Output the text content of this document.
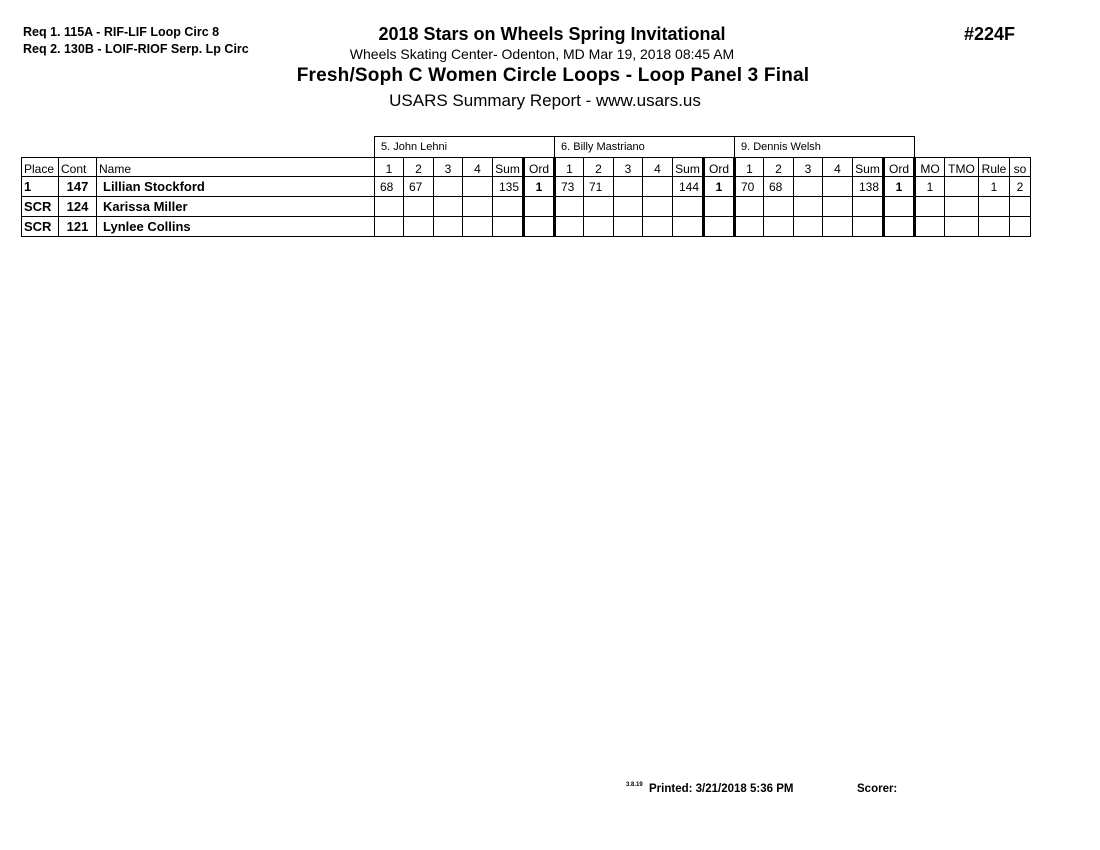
Req 1. 115A - RIF-LIF Loop Circ 8
Req 2. 130B - LOIF-RIOF Serp. Lp Circ
2018 Stars on Wheels Spring Invitational	#224F
Wheels Skating Center- Odenton, MD Mar 19, 2018 08:45 AM
Fresh/Soph C Women Circle Loops - Loop Panel 3 Final
USARS Summary Report - www.usars.us
			5. John Lehni						6. Billy Mastriano						9. Dennis Welsh									
Place	Cont	Name	1	2	3	4	Sum	Ord	1	2	3	4	Sum	Ord	1	2	3	4	Sum	Ord	MO	TMO	Rule	so
1	147	Lillian Stockford	68	67			135	1	73	71			144	1	70	68			138	1	1		1	2
SCR	124	Karissa Miller																						
SCR	121	Lynlee Collins																						
3.8.19 Printed: 3/21/2018 5:36 PM	Scorer:
